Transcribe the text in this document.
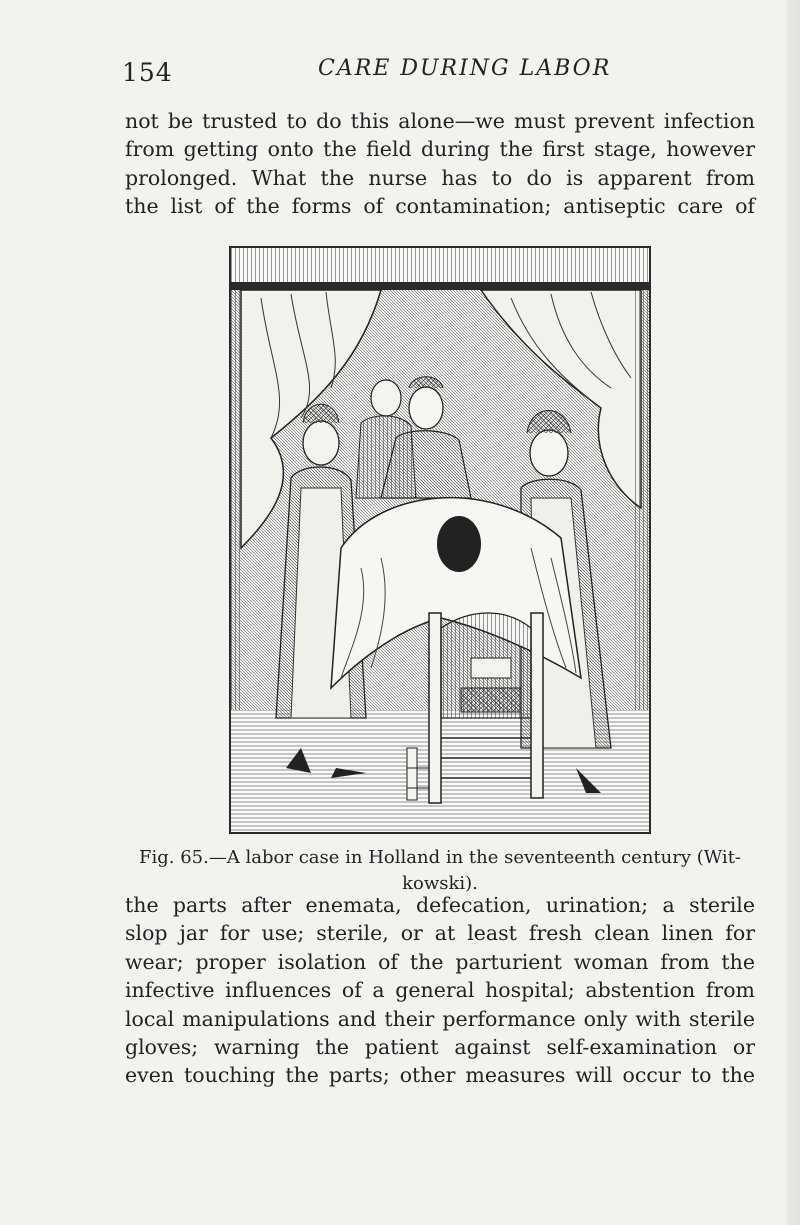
154	CARE DURING LABOR
not be trusted to do this alone—we must prevent infection
from getting onto the field during the first stage, however
prolonged. What the nurse has to do is apparent from
the list of the forms of contamination; antiseptic care of
Fig. 65.—A labor case in Holland in the seventeenth century (Wit-
kowski).
the parts after enemata, defecation, urination; a sterile
slop jar for use; sterile, or at least fresh clean linen for
wear; proper isolation of the parturient woman from the
infective influences of a general hospital; abstention from
local manipulations and their performance only with sterile
gloves; warning the patient against self-examination or
even touching the parts; other measures will occur to the
